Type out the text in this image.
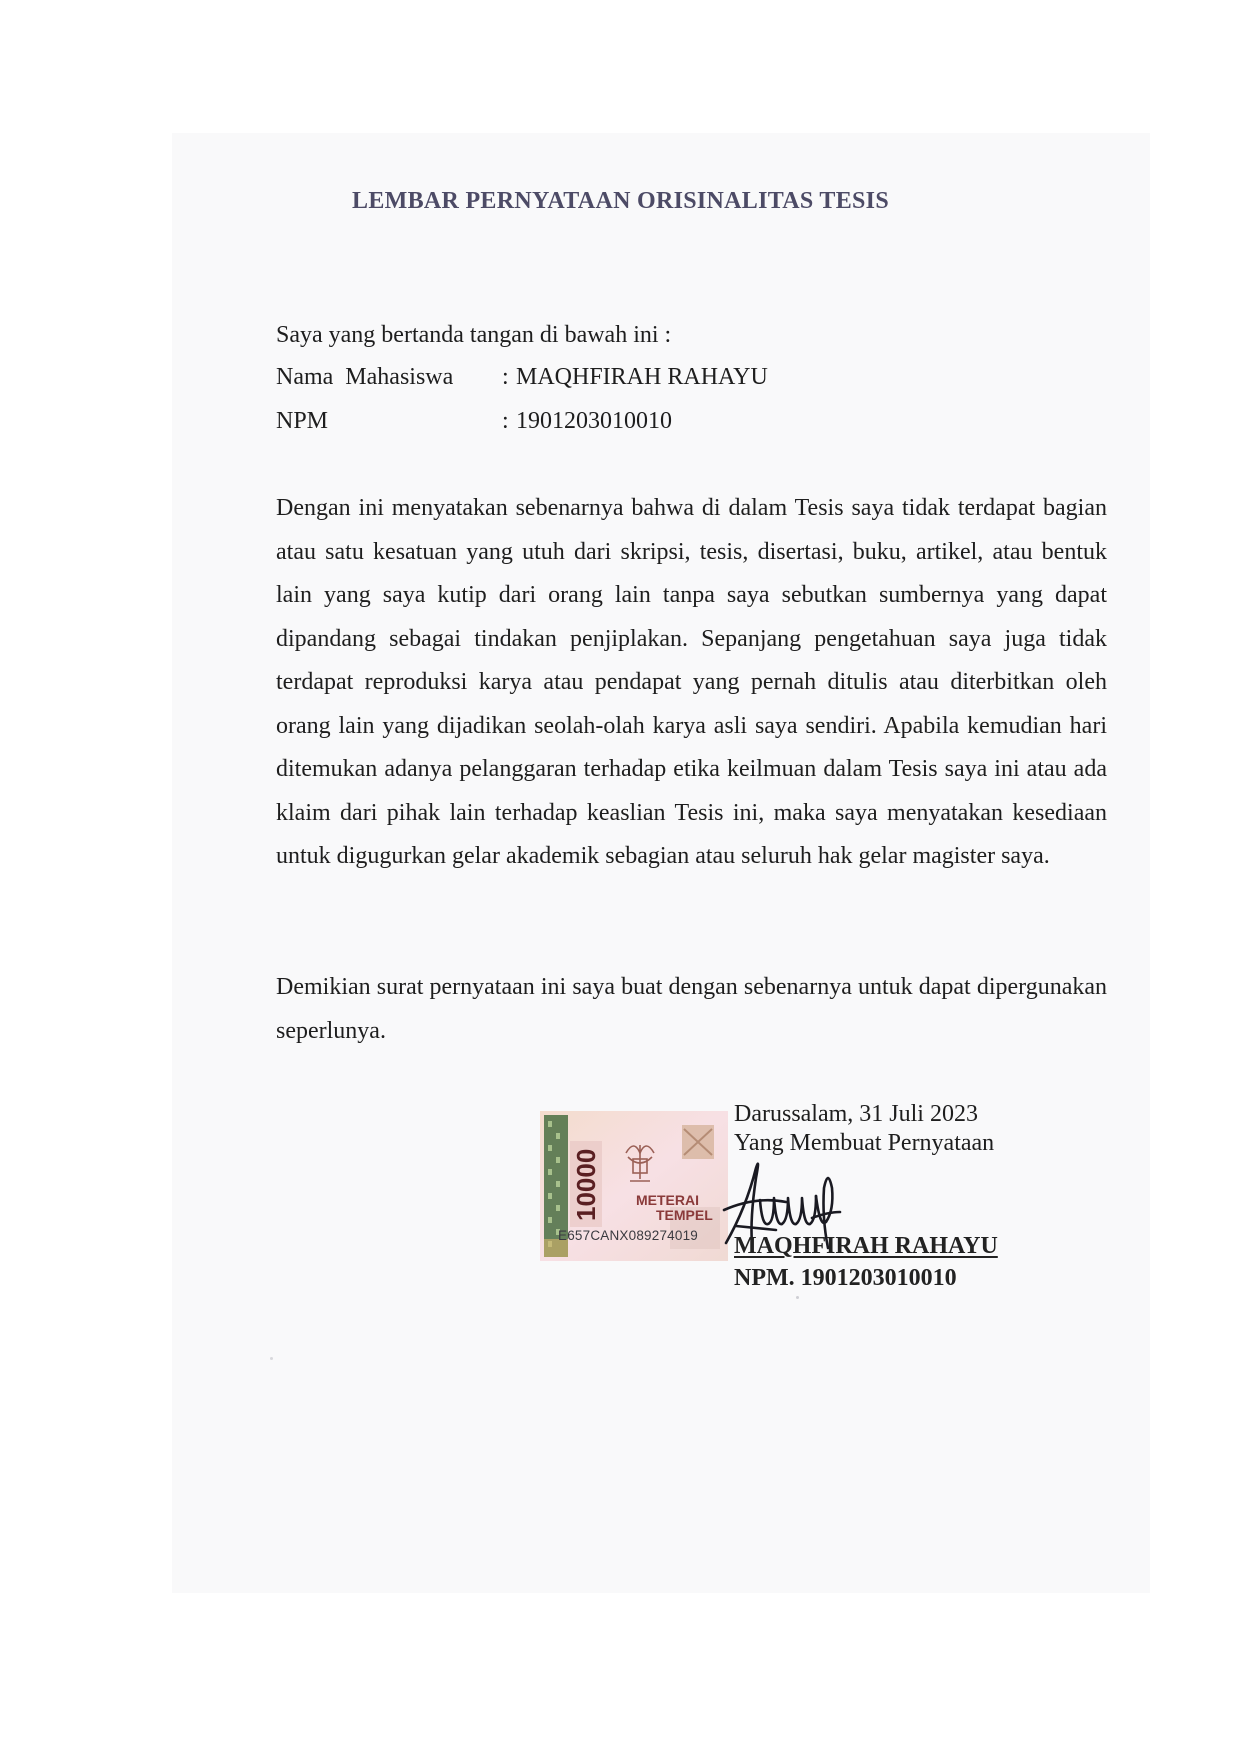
LEMBAR PERNYATAAN ORISINALITAS TESIS
Saya yang bertanda tangan di bawah ini :
Nama  Mahasiswa : MAQHFIRAH RAHAYU
NPM	: 1901203010010

Dengan ini menyatakan sebenarnya bahwa di dalam Tesis saya tidak terdapat bagian atau satu kesatuan yang utuh dari skripsi, tesis, disertasi, buku, artikel, atau bentuk lain yang saya kutip dari orang lain tanpa saya sebutkan sumbernya yang dapat dipandang sebagai tindakan penjiplakan. Sepanjang pengetahuan saya juga tidak terdapat reproduksi karya atau pendapat yang pernah ditulis atau diterbitkan oleh orang lain yang dijadikan seolah-olah karya asli saya sendiri. Apabila kemudian hari ditemukan adanya pelanggaran terhadap etika keilmuan dalam Tesis saya ini atau ada klaim dari pihak lain terhadap keaslian Tesis ini, maka saya menyatakan kesediaan untuk digugurkan gelar akademik sebagian atau seluruh hak gelar magister saya.

Demikian surat pernyataan ini saya buat dengan sebenarnya untuk dapat dipergunakan seperlunya.

Darussalam, 31 Juli 2023
Yang Membuat Pernyataan
10000	METERAI
TEMPEL
E657CANX089274019 MAQHFIRAH RAHAYU
NPM. 1901203010010
